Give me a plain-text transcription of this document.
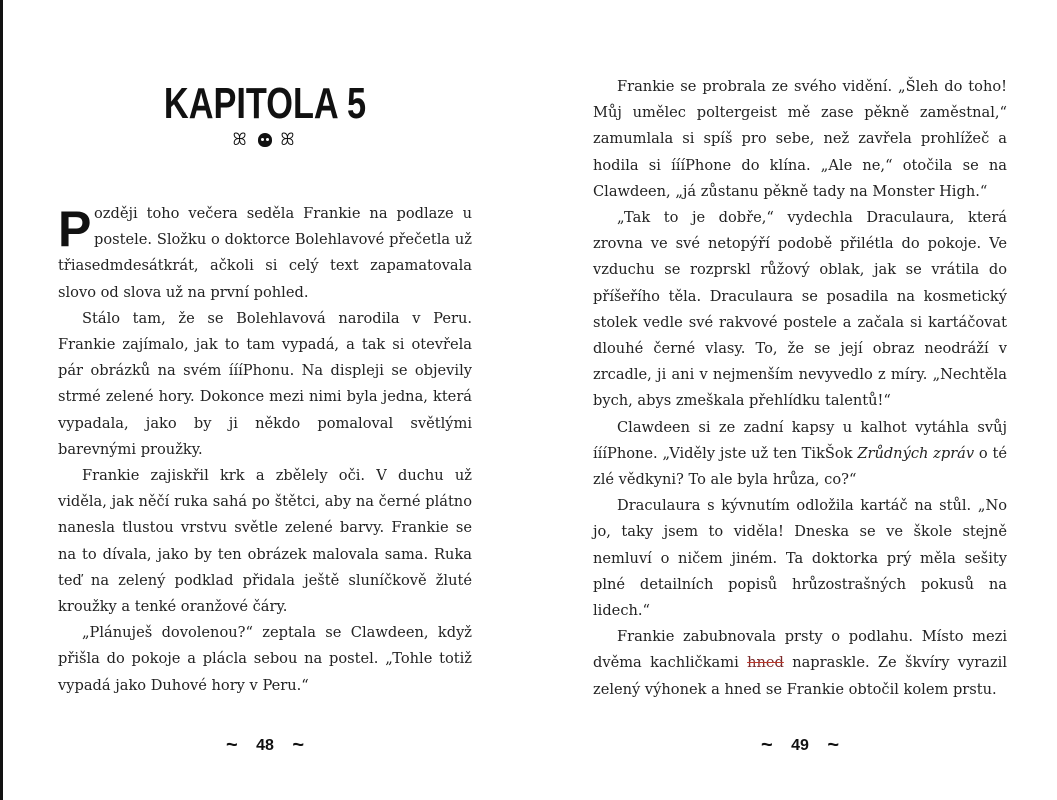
KAPITOLA 5
ꕤ ꕤ

Později toho večera seděla Frankie na podlaze u postele. Složku o doktorce Bolehlavové přečetla už třiasedmdesátkrát, ačkoli si celý text zapamatovala slovo od slova už na první pohled.

Stálo tam, že se Bolehlavová narodila v Peru. Frankie zajímalo, jak to tam vypadá, a tak si otevřela pár obrázků na svém íííPhonu. Na displeji se objevily strmé zelené hory. Dokonce mezi nimi byla jedna, která vypadala, jako by ji někdo pomaloval světlými barevnými proužky.

Frankie zajiskřil krk a zbělely oči. V duchu už viděla, jak něčí ruka sahá po štětci, aby na černé plátno nanesla tlustou vrstvu světle zelené barvy. Frankie se na to dívala, jako by ten obrázek malovala sama. Ruka teď na zelený podklad přidala ještě sluníčkově žluté kroužky a tenké oranžové čáry.

„Plánuješ dovolenou?“ zeptala se Clawdeen, když přišla do pokoje a plácla sebou na postel. „Tohle totiž vypadá jako Duhové hory v Peru.“

~ 48 ~

Frankie se probrala ze svého vidění. „Šleh do toho! Můj umělec poltergeist mě zase pěkně zaměstnal,“ zamumlala si spíš pro sebe, než zavřela prohlížeč a hodila si íííPhone do klína. „Ale ne,“ otočila se na Clawdeen, „já zůstanu pěkně tady na Monster High.“

„Tak to je dobře,“ vydechla Draculaura, která zrovna ve své netopýří podobě přilétla do pokoje. Ve vzduchu se rozprskl růžový oblak, jak se vrátila do příšeřího těla. Draculaura se posadila na kosmetický stolek vedle své rakvové postele a začala si kartáčovat dlouhé černé vlasy. To, že se její obraz neodráží v zrcadle, ji ani v nejmenším nevyvedlo z míry. „Nechtěla bych, abys zmeškala přehlídku talentů!“

Clawdeen si ze zadní kapsy u kalhot vytáhla svůj íííPhone. „Viděly jste už ten TikŠok Zrůdných zpráv o té zlé vědkyni? To ale byla hrůza, co?“

Draculaura s kývnutím odložila kartáč na stůl. „No jo, taky jsem to viděla! Dneska se ve škole stejně nemluví o ničem jiném. Ta doktorka prý měla sešity plné detailních popisů hrůzostrašných pokusů na lidech.“

Frankie zabubnovala prsty o podlahu. Místo mezi dvěma kachličkami hned napraskle. Ze škvíry vyrazil zelený výhonek a hned se Frankie obtočil kolem prstu.

~ 49 ~
